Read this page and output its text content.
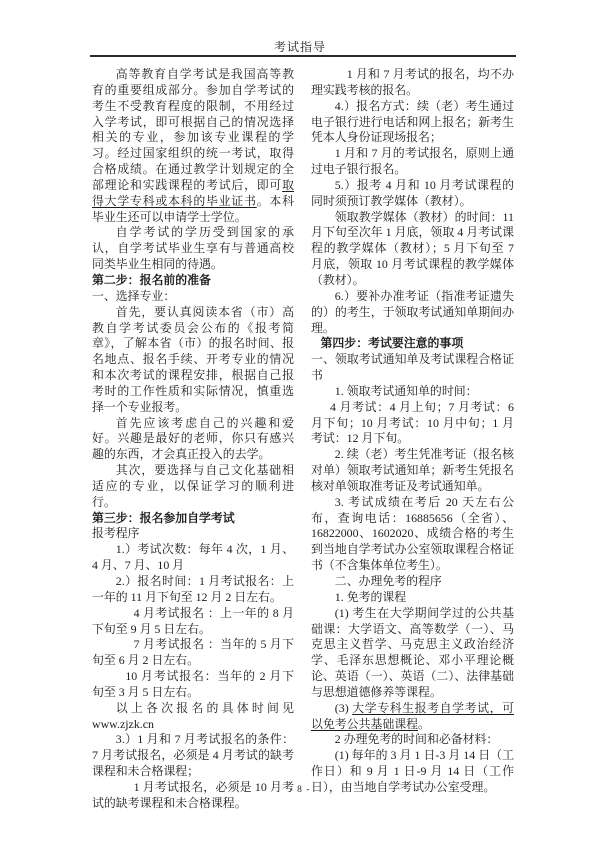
考试指导
高等教育自学考试是我国高等教育的重要组成部分。参加自学考试的考生不受教育程度的限制，不用经过入学考试，即可根据自己的情况选择相关的专业，参加该专业课程的学习。经过国家组织的统一考试，取得合格成绩。在通过教学计划规定的全部理论和实践课程的考试后，即可取得大学专科或本科的毕业证书。本科毕业生还可以申请学士学位。
自学考试的学历受到国家的承认，自学考试毕业生享有与普通高校同类毕业生相同的待遇。
第二步：报名前的准备
一、选择专业：
首先，要认真阅读本省（市）高教自学考试委员会公布的《报考简章》，了解本省（市）的报名时间、报名地点、报名手续、开考专业的情况和本次考试的课程安排，根据自己报考时的工作性质和实际情况，慎重选择一个专业报考。
首先应该考虑自己的兴趣和爱好。兴趣是最好的老师，你只有感兴趣的东西，才会真正投入的去学。
其次，要选择与自己文化基础相适应的专业，以保证学习的顺利进行。
第三步：报名参加自学考试
报考程序
1.）考试次数：每年 4 次，1 月、4 月、7 月、10 月
2.）报名时间：1 月考试报名：上一年的 11 月下旬至 12 月 2 日左右。
4 月考试报名 ：上一年的 8 月下旬至 9 月 5 日左右。
7 月考试报名 ：当年的 5 月下旬至 6 月 2 日左右。
10 月考试报名：当年的 2 月下旬至 3 月 5 日左右。
以上各次报名的具体时间见 www.zjzk.cn
3.）1 月和 7 月考试报名的条件：7 月考试报名，必须是 4 月考试的缺考课程和未合格课程；
1 月考试报名，必须是 10 月考试的缺考课程和未合格课程。
1 月和 7 月考试的报名，均不办理实践考核的报名。
4.）报名方式：续（老）考生通过电子银行进行电话和网上报名；新考生凭本人身份证现场报名；
1 月和 7 月的考试报名，原则上通过电子银行报名。
5.）报考 4 月和 10 月考试课程的同时须预订教学媒体（教材）。
领取教学媒体（教材）的时间：11 月下旬至次年 1 月底，领取 4 月考试课程的教学媒体（教材）；5 月下旬至 7 月底，领取 10 月考试课程的教学媒体（教材）。
6.）要补办准考证（指准考证遗失的）的考生，于领取考试通知单期间办理。
第四步：考试要注意的事项
一、领取考试通知单及考试课程合格证书
1. 领取考试通知单的时间：
4 月考试：4 月上旬；7 月考试：6 月下旬；10 月考试：10 月中旬；1 月考试：12 月下旬。
2. 续（老）考生凭准考证（报名核对单）领取考试通知单；新考生凭报名核对单领取准考证及考试通知单。
3. 考试成绩在考后 20 天左右公布，查询电话：16885656（全省）、16822000、1602020、成绩合格的考生到当地自学考试办公室领取课程合格证书（不含集体单位考生）。
二、办理免考的程序
1. 免考的课程
(1) 考生在大学期间学过的公共基础课：大学语文、高等数学（一）、马克思主义哲学、马克思主义政治经济学、毛泽东思想概论、邓小平理论概论、英语（一）、英语（二）、法律基础与思想道德修养等课程。
(3) 大学专科生报考自学考试，可以免考公共基础课程。
2 办理免考的时间和必备材料：
(1) 每年的 3 月 1 日-3 月 14 日（工作日）和 9 月 1 日-9 月 14 日（工作日），由当地自学考试办公室受理。
- 8 -
